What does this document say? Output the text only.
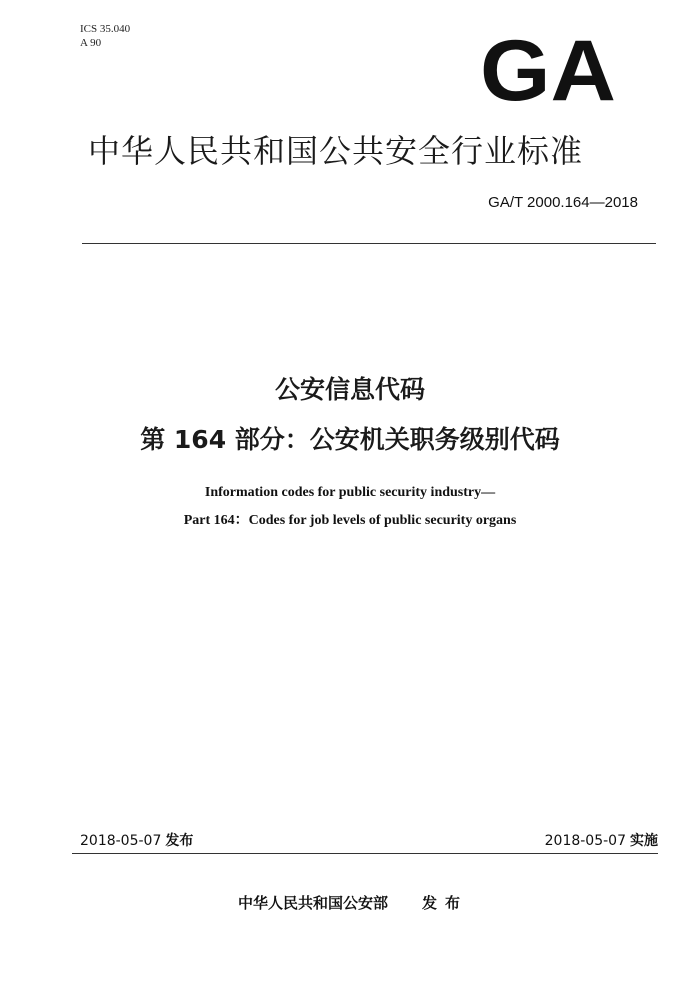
ICS 35.040
A 90	GA
中华人民共和国公共安全行业标准
GA/T 2000.164—2018
公安信息代码
第 164 部分：公安机关职务级别代码
Information codes for public security industry—
Part 164：Codes for job levels of public security organs
2018-05-07 发布	2018-05-07 实施
中华人民共和国公安部 发布
